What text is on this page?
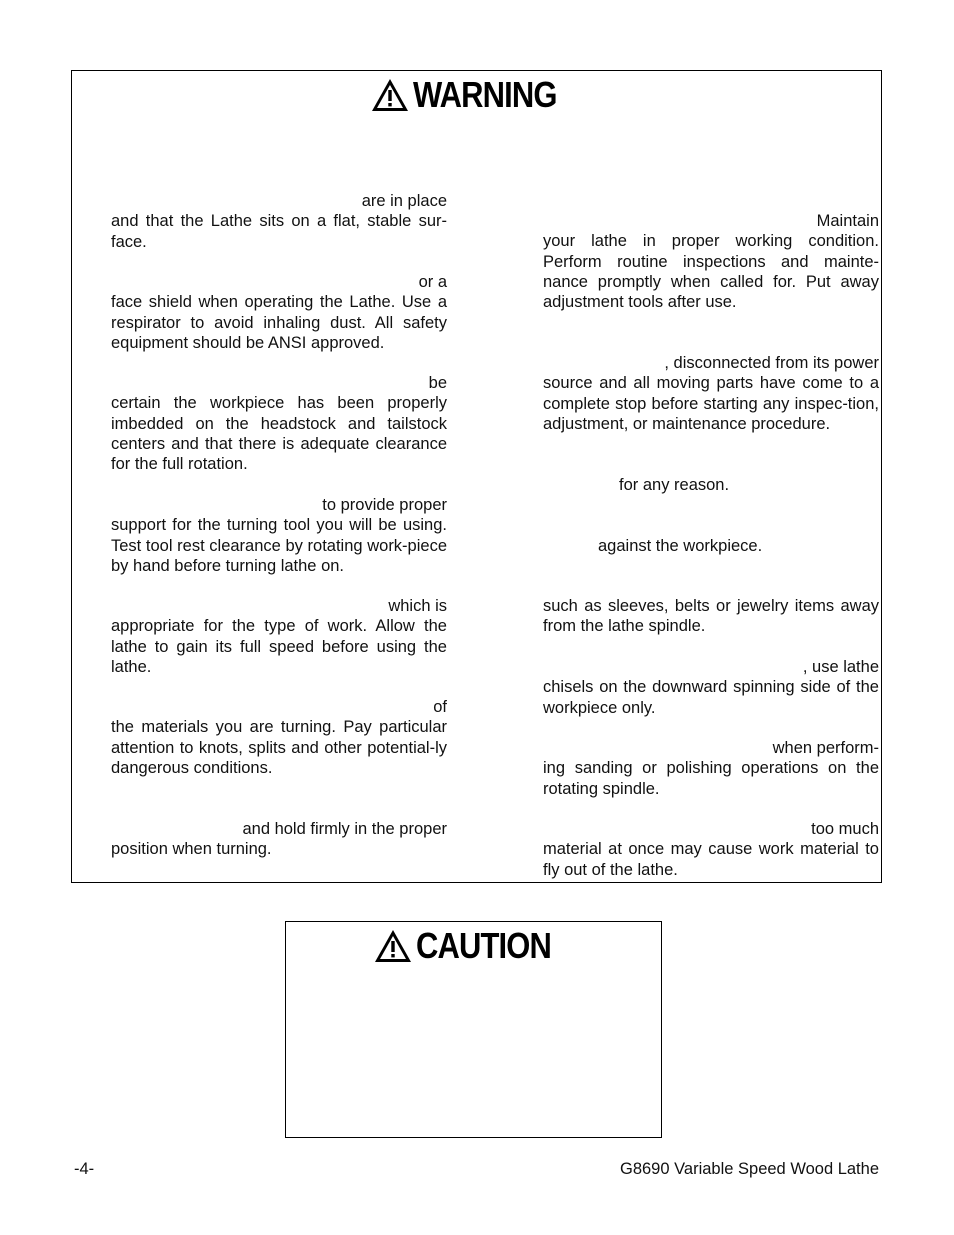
WARNING

are in place
and that the Lathe sits on a flat, stable sur-face.

or a
face shield when operating the Lathe. Use a respirator to avoid inhaling dust. All safety equipment should be ANSI approved.

be
certain the workpiece has been properly imbedded on the headstock and tailstock centers and that there is adequate clearance for the full rotation.

to provide proper
support for the turning tool you will be using. Test tool rest clearance by rotating work-piece by hand before turning lathe on.

which is
appropriate for the type of work. Allow the lathe to gain its full speed before using the lathe.

of
the materials you are turning. Pay particular attention to knots, splits and other potential-ly dangerous conditions.

and hold firmly in the proper
position when turning.

Maintain
your lathe in proper working condition. Perform routine inspections and mainte-nance promptly when called for. Put away adjustment tools after use.

, disconnected from its power
source and all moving parts have come to a complete stop before starting any inspec-tion, adjustment, or maintenance procedure.

for any reason.

against the workpiece.

such as sleeves, belts or jewelry items away from the lathe spindle.

, use lathe
chisels on the downward spinning side of the workpiece only.

when perform-
ing sanding or polishing operations on the rotating spindle.

too much
material at once may cause work material to fly out of the lathe.

CAUTION
-4-	G8690 Variable Speed Wood Lathe
